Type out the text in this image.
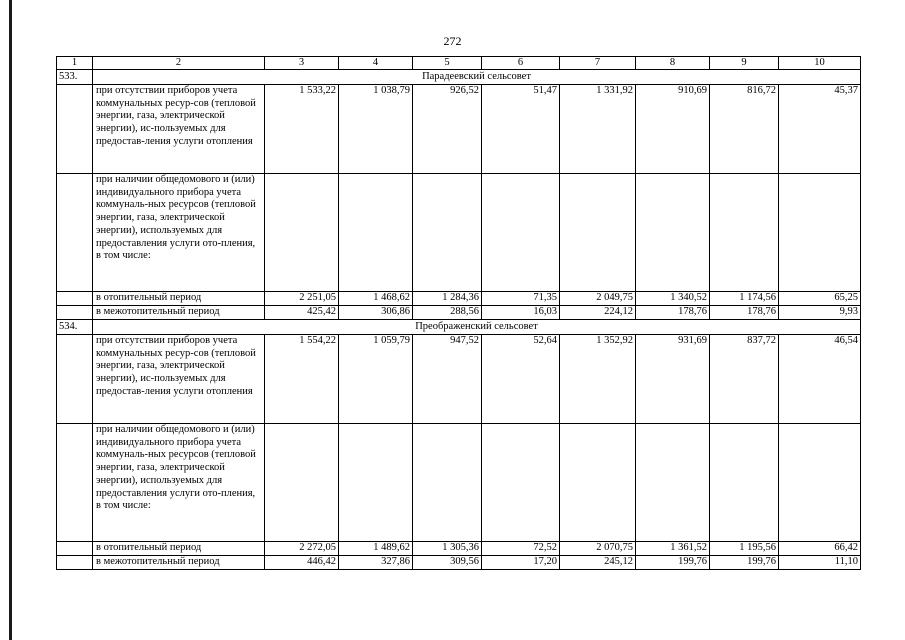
272
1	2	3	4	5	6	7	8	9	10
533.	Парадеевский сельсовет								
	при отсутствии приборов учета коммунальных ресур-сов (тепловой энергии, газа, электрической энергии), ис-пользуемых для предостав-ления услуги отопления	1 533,22	1 038,79	926,52	51,47	1 331,92	910,69	816,72	45,37
	при наличии общедомового и (или) индивидуального прибора учета коммуналь-ных ресурсов (тепловой энергии, газа, электрической энергии), используемых для предоставления услуги ото-пления, в том числе:								
	в отопительный период	2 251,05	1 468,62	1 284,36	71,35	2 049,75	1 340,52	1 174,56	65,25
	в межотопительный период	425,42	306,86	288,56	16,03	224,12	178,76	178,76	9,93
534.	Преображенский сельсовет								
	при отсутствии приборов учета коммунальных ресур-сов (тепловой энергии, газа, электрической энергии), ис-пользуемых для предостав-ления услуги отопления	1 554,22	1 059,79	947,52	52,64	1 352,92	931,69	837,72	46,54
	при наличии общедомового и (или) индивидуального прибора учета коммуналь-ных ресурсов (тепловой энергии, газа, электрической энергии), используемых для предоставления услуги ото-пления, в том числе:								
	в отопительный период	2 272,05	1 489,62	1 305,36	72,52	2 070,75	1 361,52	1 195,56	66,42
	в межотопительный период	446,42	327,86	309,56	17,20	245,12	199,76	199,76	11,10
